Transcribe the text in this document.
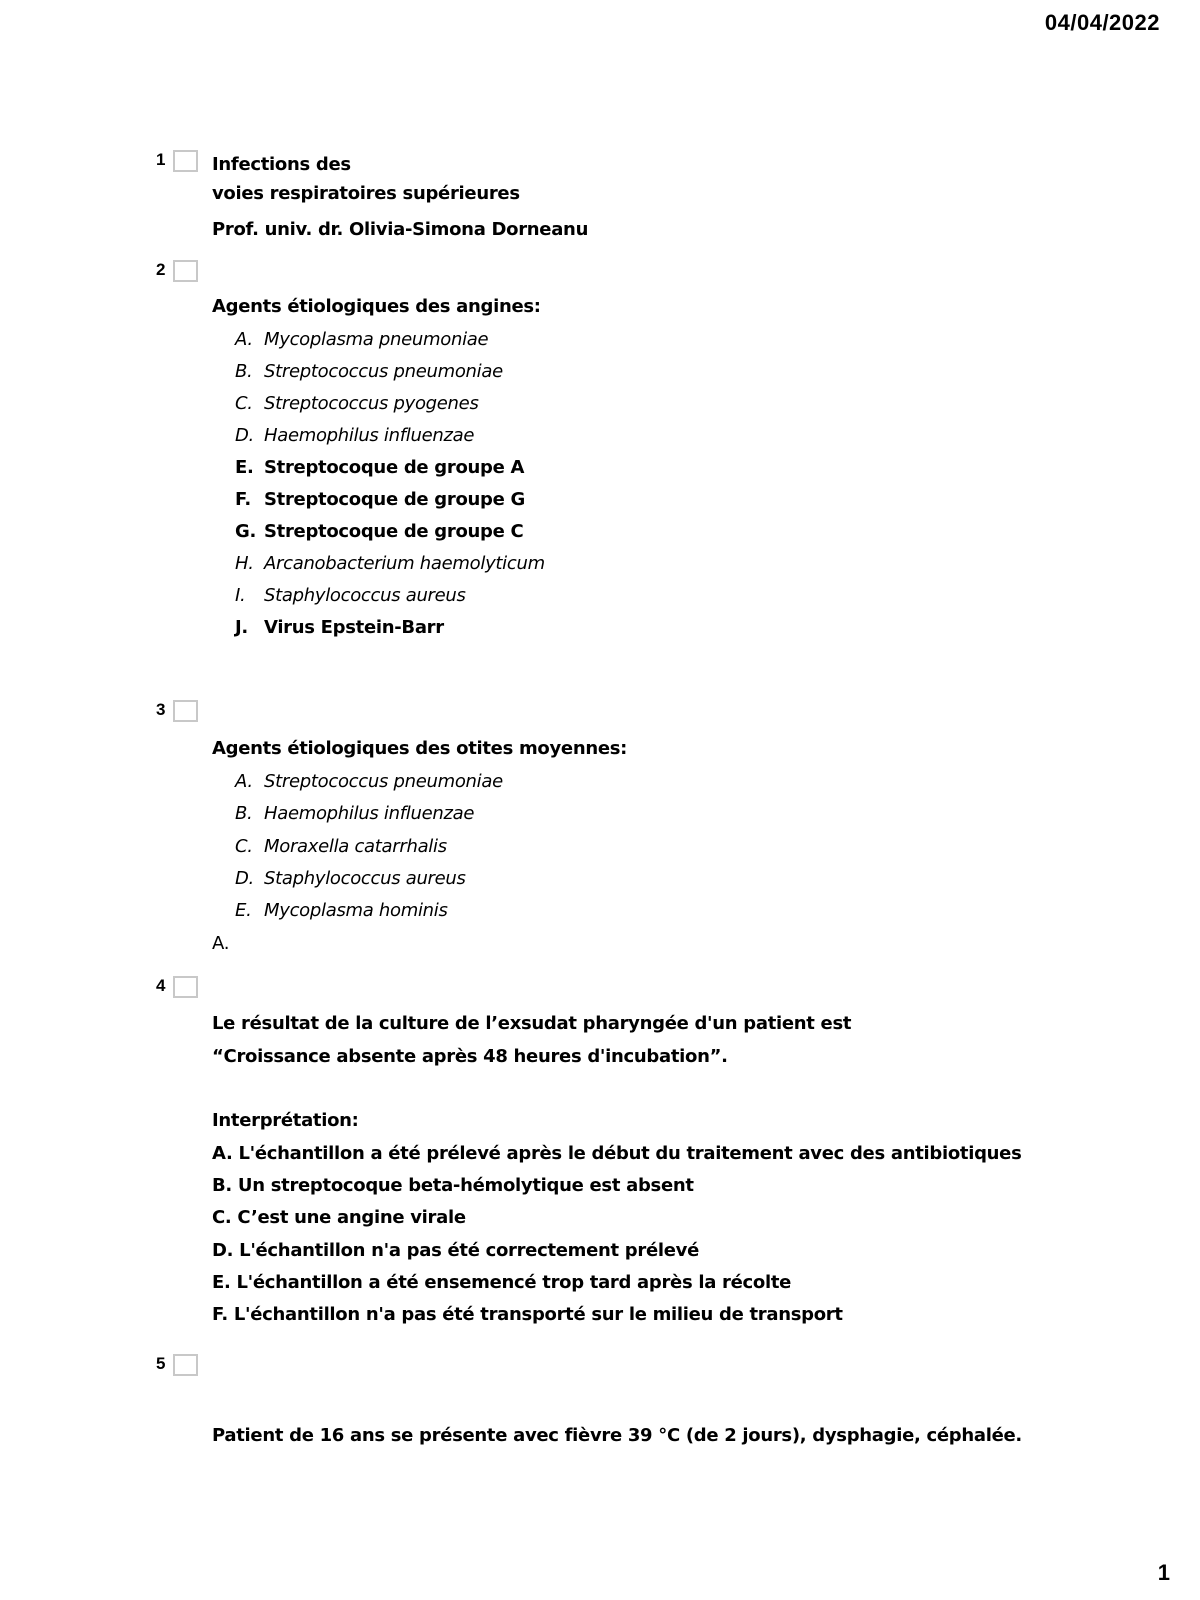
04/04/2022
1	Infections des
voies respiratoires supérieures
Prof. univ. dr. Olivia-Simona Dorneanu
2
Agents étiologiques des angines:
A. Mycoplasma pneumoniae
B. Streptococcus pneumoniae
C. Streptococcus pyogenes
D. Haemophilus influenzae
E. Streptocoque de groupe A
F. Streptocoque de groupe G
G. Streptocoque de groupe C
H. Arcanobacterium haemolyticum
I. Staphylococcus aureus
J. Virus Epstein-Barr
3
Agents étiologiques des otites moyennes:
A. Streptococcus pneumoniae
B. Haemophilus influenzae
C. Moraxella catarrhalis
D. Staphylococcus aureus
E. Mycoplasma hominis
A.
4
Le résultat de la culture de l’exsudat pharyngée d'un patient est
“Croissance absente après 48 heures d'incubation”.
Interprétation:
A. L'échantillon a été prélevé après le début du traitement avec des antibiotiques
B. Un streptocoque beta-hémolytique est absent
C. C’est une angine virale
D. L'échantillon n'a pas été correctement prélevé
E. L'échantillon a été ensemencé trop tard après la récolte
F. L'échantillon n'a pas été transporté sur le milieu de transport
5
Patient de 16 ans se présente avec fièvre 39 °C (de 2 jours), dysphagie, céphalée.
1
